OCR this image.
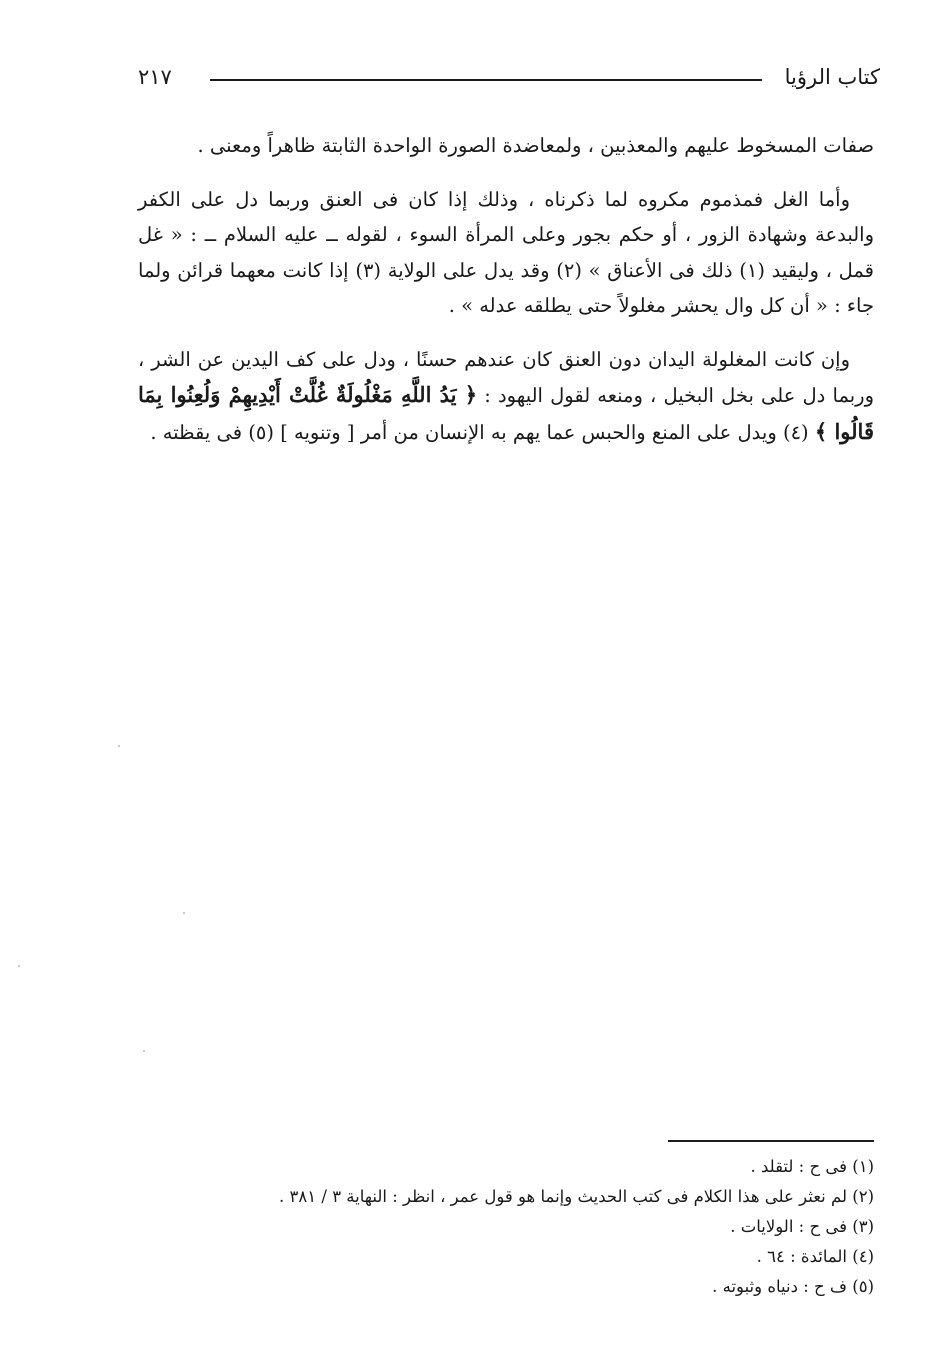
كتاب الرؤيا
٢١٧

صفات المسخوط عليهم والمعذبين ، ولمعاضدة الصورة الواحدة الثابتة ظاهراً ومعنى .

وأما الغل فمذموم مكروه لما ذكرناه ، وذلك إذا كان فى العنق وربما دل على الكفر والبدعة وشهادة الزور ، أو حكم بجور وعلى المرأة السوء ، لقوله ــ عليه السلام ــ : « غل قمل ، وليقيد (١) ذلك فى الأعناق » (٢) وقد يدل على الولاية (٣) إذا كانت معهما قرائن ولما جاء : « أن كل وال يحشر مغلولاً حتى يطلقه عدله » .

وإن كانت المغلولة اليدان دون العنق كان عندهم حسنًا ، ودل على كف اليدين عن الشر ، وربما دل على بخل البخيل ، ومنعه لقول اليهود : ﴿ يَدُ اللَّهِ مَغْلُولَةٌ غُلَّتْ أَيْدِيهِمْ وَلُعِنُوا بِمَا قَالُوا ﴾ (٤) ويدل على المنع والحبس عما يهم به الإنسان من أمر [ وتنويه ] (٥) فى يقظته .

(١) فى ح : لتقلد .
(٢) لم نعثر على هذا الكلام فى كتب الحديث وإنما هو قول عمر ، انظر : النهاية ٣ / ٣٨١ .
(٣) فى ح : الولايات .
(٤) المائدة : ٦٤ .
(٥) ف ح : دنياه وثبوته .
